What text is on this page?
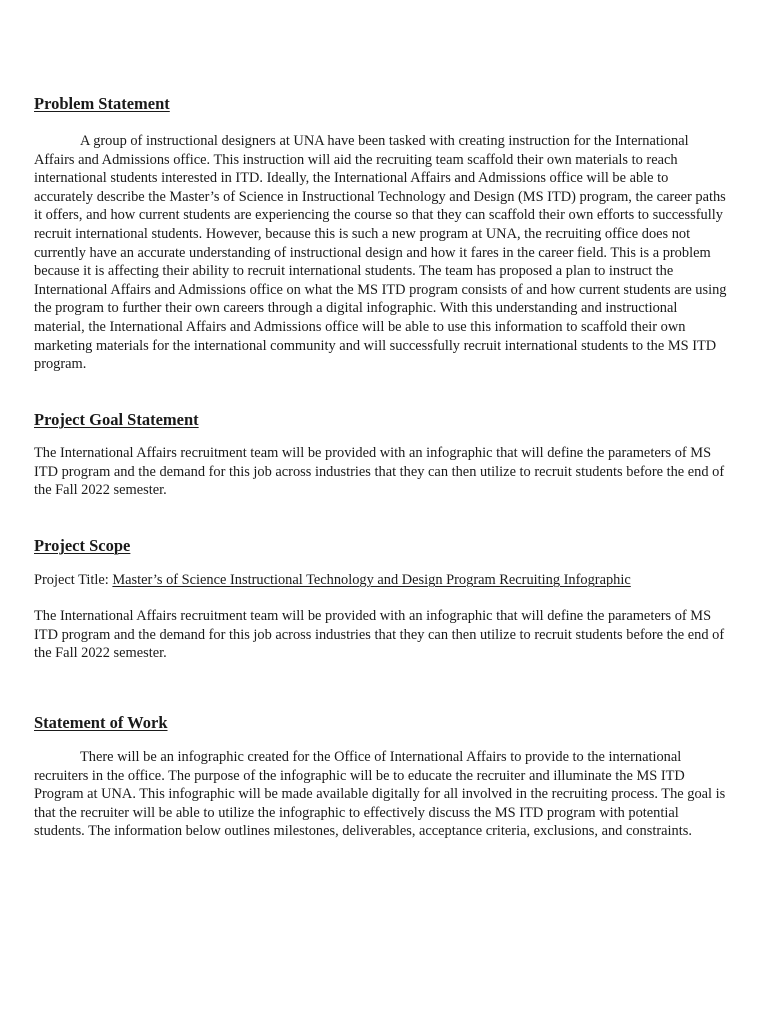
Problem Statement

A group of instructional designers at UNA have been tasked with creating instruction for the International Affairs and Admissions office. This instruction will aid the recruiting team scaffold their own materials to reach international students interested in ITD. Ideally, the International Affairs and Admissions office will be able to accurately describe the Master’s of Science in Instructional Technology and Design (MS ITD) program, the career paths it offers, and how current students are experiencing the course so that they can scaffold their own efforts to successfully recruit international students. However, because this is such a new program at UNA, the recruiting office does not currently have an accurate understanding of instructional design and how it fares in the career field. This is a problem because it is affecting their ability to recruit international students. The team has proposed a plan to instruct the International Affairs and Admissions office on what the MS ITD program consists of and how current students are using the program to further their own careers through a digital infographic. With this understanding and instructional material, the International Affairs and Admissions office will be able to use this information to scaffold their own marketing materials for the international community and will successfully recruit international students to the MS ITD program.

Project Goal Statement

The International Affairs recruitment team will be provided with an infographic that will define the parameters of MS ITD program and the demand for this job across industries that they can then utilize to recruit students before the end of the Fall 2022 semester.

Project Scope

Project Title: Master’s of Science Instructional Technology and Design Program Recruiting Infographic

The International Affairs recruitment team will be provided with an infographic that will define the parameters of MS ITD program and the demand for this job across industries that they can then utilize to recruit students before the end of the Fall 2022 semester.

Statement of Work

There will be an infographic created for the Office of International Affairs to provide to the international recruiters in the office. The purpose of the infographic will be to educate the recruiter and illuminate the MS ITD Program at UNA. This infographic will be made available digitally for all involved in the recruiting process. The goal is that the recruiter will be able to utilize the infographic to effectively discuss the MS ITD program with potential students. The information below outlines milestones, deliverables, acceptance criteria, exclusions, and constraints.
